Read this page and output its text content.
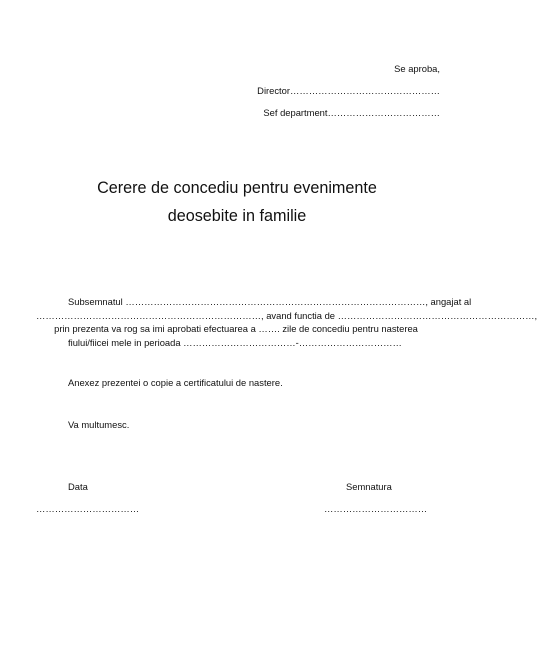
Se aproba,
Director…………………………………………
Sef department………………………………
Cerere de concediu pentru evenimente
deosebite in familie
Subsemnatul ……………………………………………………………………………………, angajat al
………………………………………………………………, avand functia de ………………………………………………………,
prin prezenta va rog sa imi aprobati efectuarea a ……. zile de concediu pentru nasterea
fiului/fiicei mele in perioada ………………………………-……………………………
Anexez prezentei o copie a certificatului de nastere.
Va multumesc.
Data
……………………………
Semnatura
……………………………
